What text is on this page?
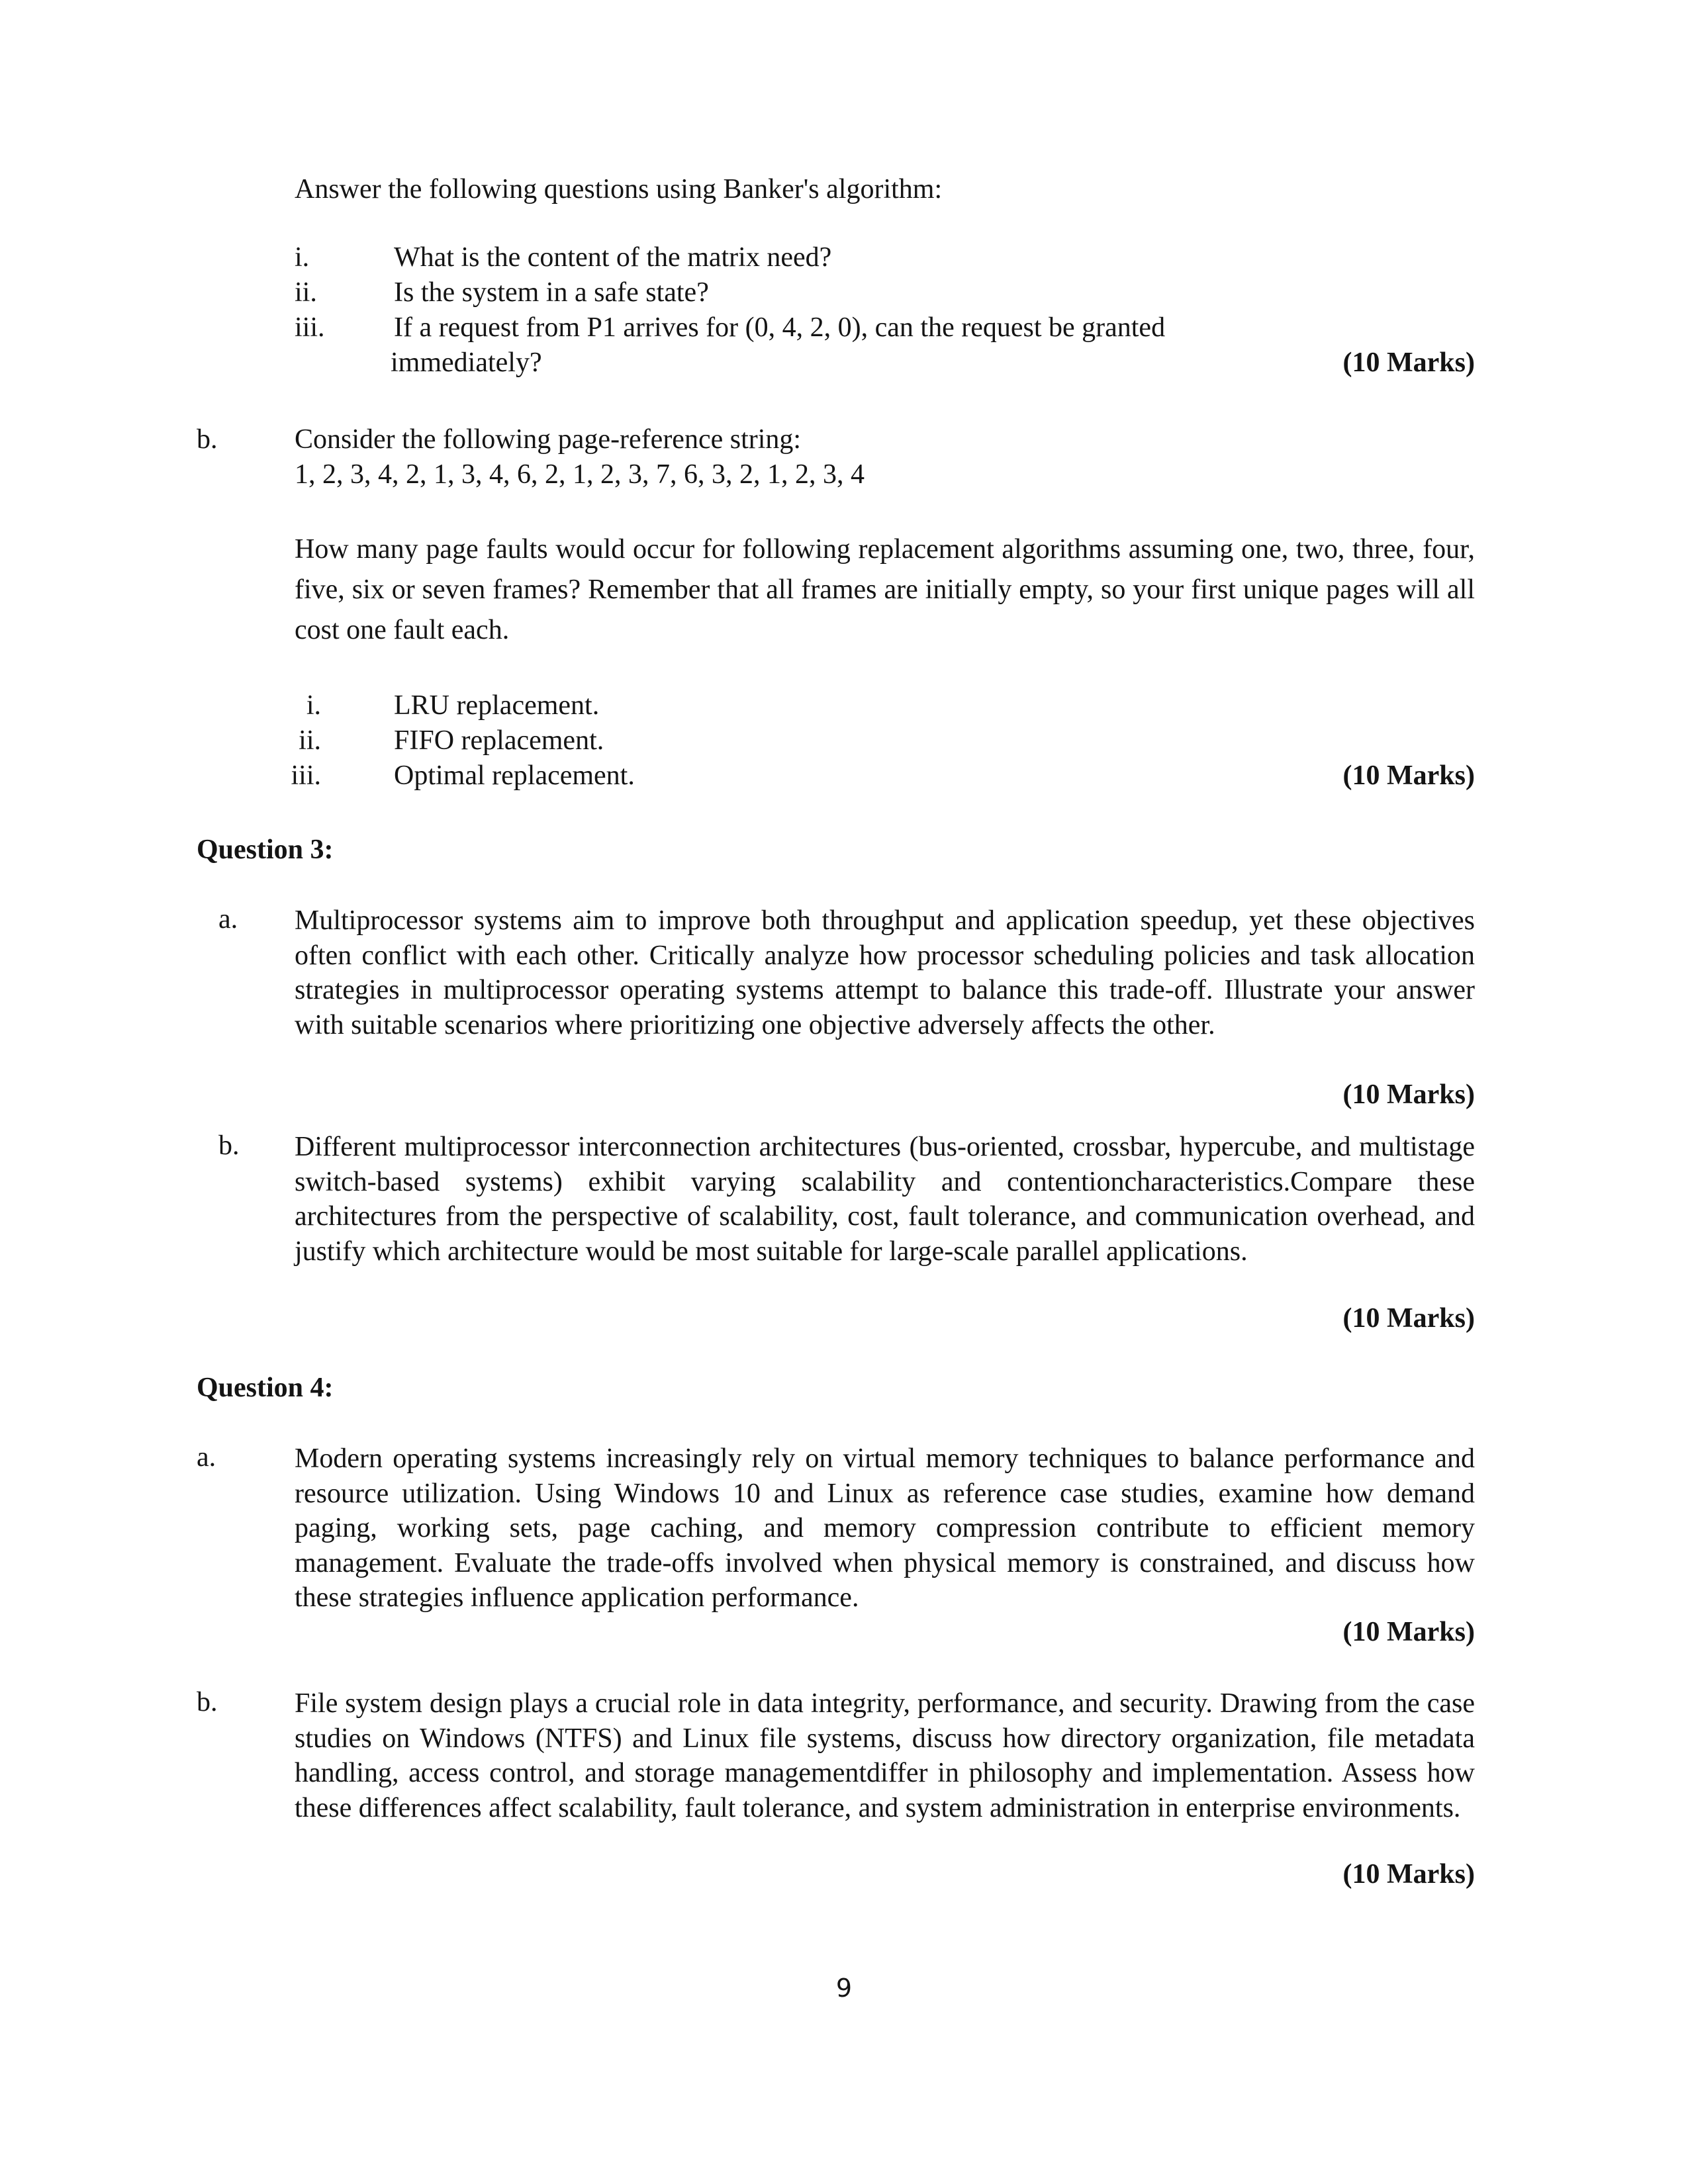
Answer the following questions using Banker's algorithm:
i.	What is the content of the matrix need?
ii.	Is the system in a safe state?
iii. If a request from P1 arrives for (0, 4, 2, 0), can the request be granted
immediately?	(10 Marks)
b.	Consider the following page-reference string:
1, 2, 3, 4, 2, 1, 3, 4, 6, 2, 1, 2, 3, 7, 6, 3, 2, 1, 2, 3, 4
How many page faults would occur for following replacement algorithms assuming one, two, three, four, five, six or seven frames? Remember that all frames are initially empty, so your first unique pages will all cost one fault each.
i.	LRU replacement.
ii.	FIFO replacement.
iii.	Optimal replacement.	(10 Marks)
Question 3:
a. Multiprocessor systems aim to improve both throughput and application speedup, yet these objectives often conflict with each other. Critically analyze how processor scheduling policies and task allocation strategies in multiprocessor operating systems attempt to balance this trade-off. Illustrate your answer with suitable scenarios where prioritizing one objective adversely affects the other.
(10 Marks)
b. Different multiprocessor interconnection architectures (bus-oriented, crossbar, hypercube, and multistage switch-based systems) exhibit varying scalability and contentioncharacteristics.Compare these architectures from the perspective of scalability, cost, fault tolerance, and communication overhead, and justify which architecture would be most suitable for large-scale parallel applications.
(10 Marks)
Question 4:
a.	Modern operating systems increasingly rely on virtual memory techniques to balance performance and resource utilization. Using Windows 10 and Linux as reference case studies, examine how demand paging, working sets, page caching, and memory compression contribute to efficient memory management. Evaluate the trade-offs involved when physical memory is constrained, and discuss how these strategies influence application performance.
(10 Marks)
b.	File system design plays a crucial role in data integrity, performance, and security. Drawing from the case studies on Windows (NTFS) and Linux file systems, discuss how directory organization, file metadata handling, access control, and storage managementdiffer in philosophy and implementation. Assess how these differences affect scalability, fault tolerance, and system administration in enterprise environments.
(10 Marks)
9
